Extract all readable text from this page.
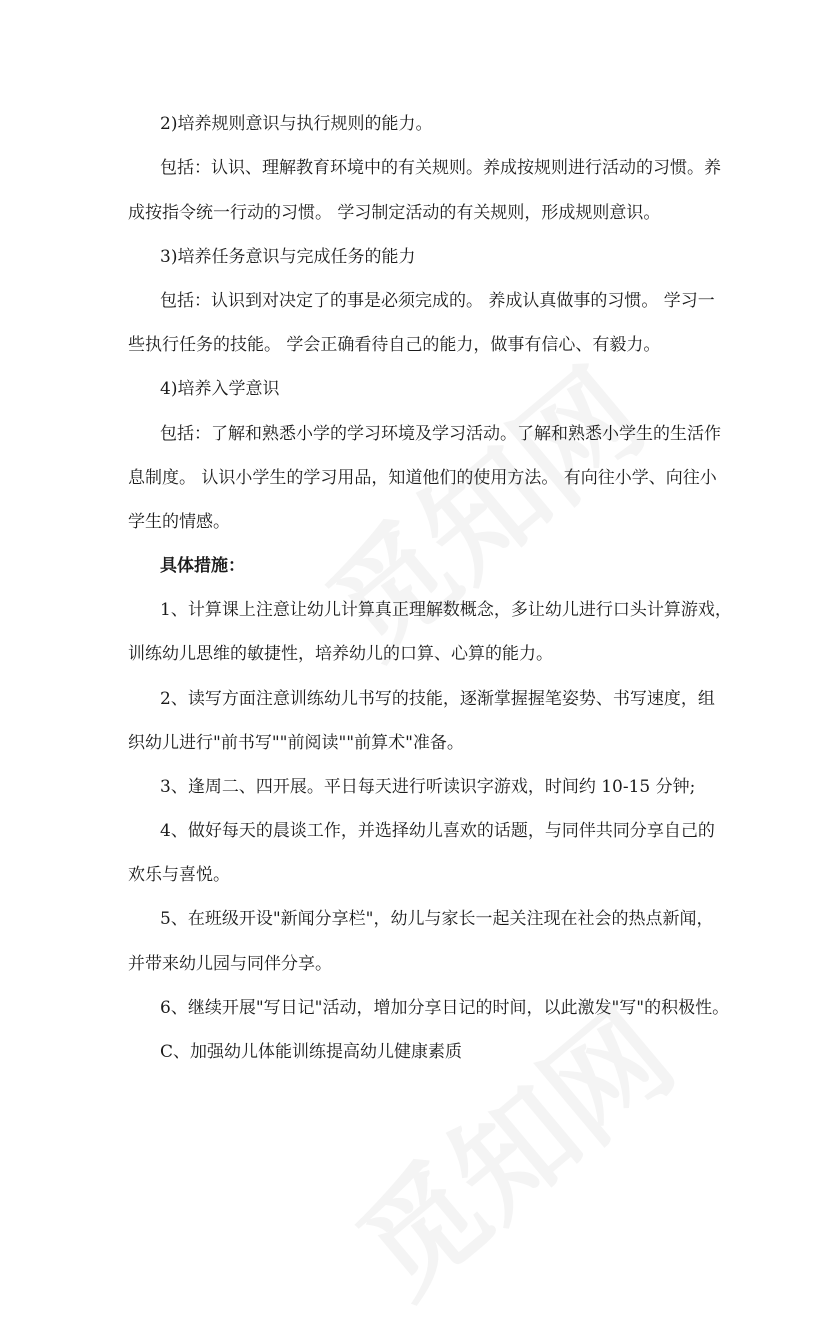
2)培养规则意识与执行规则的能力。
包括：认识、理解教育环境中的有关规则。养成按规则进行活动的习惯。养
成按指令统一行动的习惯。 学习制定活动的有关规则，形成规则意识。
3)培养任务意识与完成任务的能力
包括：认识到对决定了的事是必须完成的。 养成认真做事的习惯。 学习一
些执行任务的技能。 学会正确看待自己的能力，做事有信心、有毅力。
4)培养入学意识
包括：了解和熟悉小学的学习环境及学习活动。了解和熟悉小学生的生活作
息制度。 认识小学生的学习用品，知道他们的使用方法。 有向往小学、向往小
学生的情感。
具体措施：
1、计算课上注意让幼儿计算真正理解数概念，多让幼儿进行口头计算游戏，
训练幼儿思维的敏捷性，培养幼儿的口算、心算的能力。
2、读写方面注意训练幼儿书写的技能，逐渐掌握握笔姿势、书写速度，组
织幼儿进行"前书写""前阅读""前算术"准备。
3、逢周二、四开展。平日每天进行听读识字游戏，时间约 10-15 分钟;
4、做好每天的晨谈工作，并选择幼儿喜欢的话题，与同伴共同分享自己的
欢乐与喜悦。
5、在班级开设"新闻分享栏"，幼儿与家长一起关注现在社会的热点新闻，
并带来幼儿园与同伴分享。
6、继续开展"写日记"活动，增加分享日记的时间，以此激发"写"的积极性。
C、加强幼儿体能训练提高幼儿健康素质
